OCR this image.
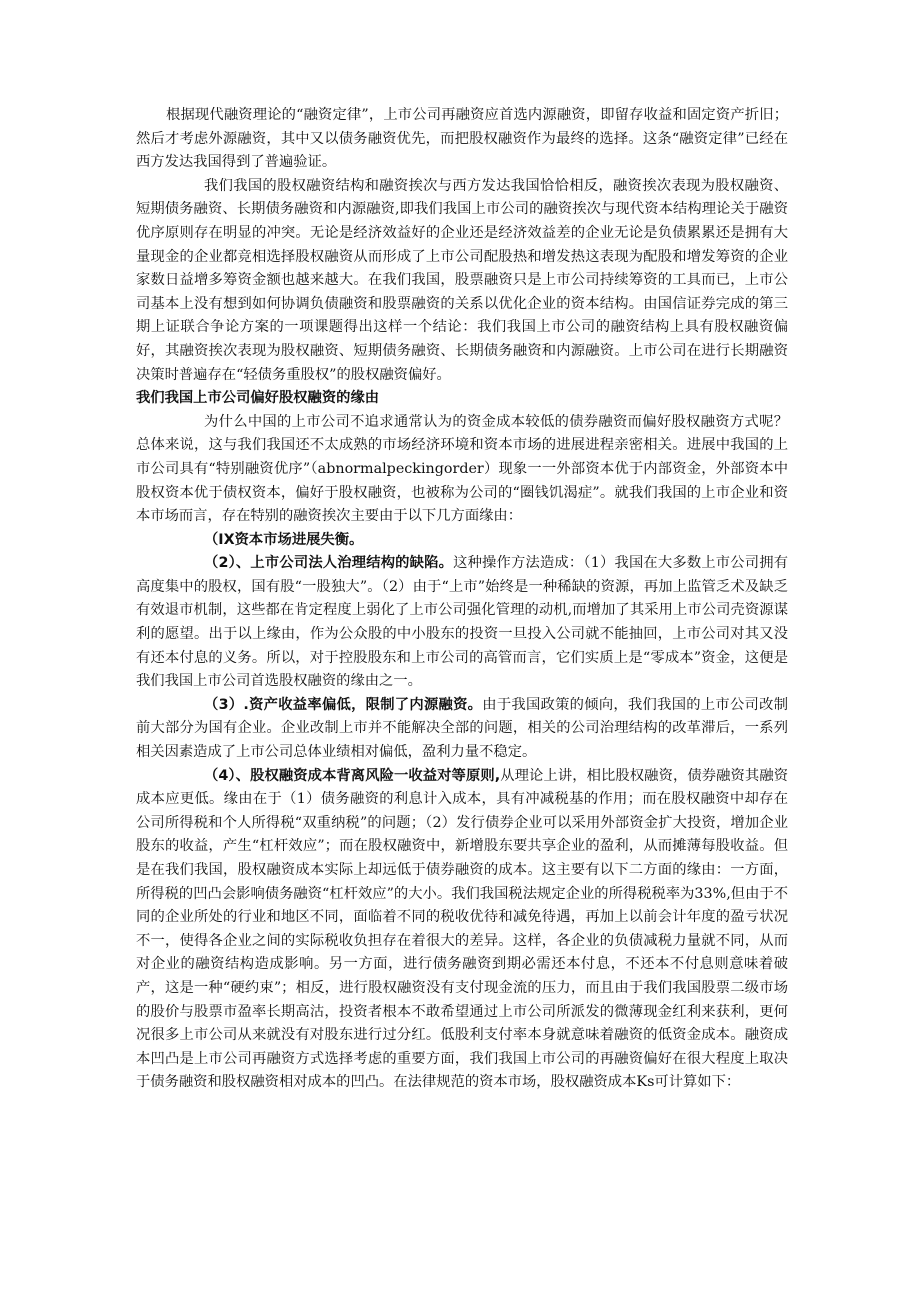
根据现代融资理论的“融资定律”，上市公司再融资应首选内源融资，即留存收益和固定资产折旧；然后才考虑外源融资，其中又以债务融资优先，而把股权融资作为最终的选择。这条“融资定律”已经在西方发达我国得到了普遍验证。

我们我国的股权融资结构和融资挨次与西方发达我国恰恰相反，融资挨次表现为股权融资、短期债务融资、长期债务融资和内源融资,即我们我国上市公司的融资挨次与现代资本结构理论关于融资优序原则存在明显的冲突。无论是经济效益好的企业还是经济效益差的企业无论是负债累累还是拥有大量现金的企业都竞相选择股权融资从而形成了上市公司配股热和增发热这表现为配股和增发筹资的企业家数日益增多筹资金额也越来越大。在我们我国，股票融资只是上市公司持续筹资的工具而已，上市公司基本上没有想到如何协调负债融资和股票融资的关系以优化企业的资本结构。由国信证券完成的第三期上证联合争论方案的一项课题得出这样一个结论：我们我国上市公司的融资结构上具有股权融资偏好，其融资挨次表现为股权融资、短期债务融资、长期债务融资和内源融资。上市公司在进行长期融资决策时普遍存在“轻债务重股权”的股权融资偏好。

我们我国上市公司偏好股权融资的缘由

为什么中国的上市公司不追求通常认为的资金成本较低的债券融资而偏好股权融资方式呢？总体来说，这与我们我国还不太成熟的市场经济环境和资本市场的进展进程亲密相关。进展中我国的上市公司具有“特别融资优序”（abnormalpeckingorder）现象一一外部资本优于内部资金，外部资本中股权资本优于债权资本，偏好于股权融资，也被称为公司的“圈钱饥渴症”。就我们我国的上市企业和资本市场而言，存在特别的融资挨次主要由于以下几方面缘由：

（IX资本市场进展失衡。

（2）、上市公司法人治理结构的缺陷。这种操作方法造成：（1）我国在大多数上市公司拥有高度集中的股权，国有股“一股独大”。（2）由于“上市”始终是一种稀缺的资源，再加上监管乏术及缺乏有效退市机制，这些都在肯定程度上弱化了上市公司强化管理的动机,而增加了其采用上市公司壳资源谋利的愿望。出于以上缘由，作为公众股的中小股东的投资一旦投入公司就不能抽回，上市公司对其又没有还本付息的义务。所以，对于控股股东和上市公司的高管而言，它们实质上是“零成本”资金，这便是我们我国上市公司首选股权融资的缘由之一。

（3）.资产收益率偏低，限制了内源融资。由于我国政策的倾向，我们我国的上市公司改制前大部分为国有企业。企业改制上市并不能解决全部的问题，相关的公司治理结构的改革滞后，一系列相关因素造成了上市公司总体业绩相对偏低，盈利力量不稳定。

（4）、股权融资成本背离风险一收益对等原则,从理论上讲，相比股权融资，债券融资其融资成本应更低。缘由在于（1）债务融资的利息计入成本，具有冲减税基的作用；而在股权融资中却存在公司所得税和个人所得税“双重纳税”的问题；（2）发行债券企业可以采用外部资金扩大投资，增加企业股东的收益，产生“杠杆效应”；而在股权融资中，新增股东要共享企业的盈利，从而摊薄每股收益。但是在我们我国，股权融资成本实际上却远低于债券融资的成本。这主要有以下二方面的缘由：一方面，所得税的凹凸会影响债务融资“杠杆效应”的大小。我们我国税法规定企业的所得税税率为33%,但由于不同的企业所处的行业和地区不同，面临着不同的税收优待和减免待遇，再加上以前会计年度的盈亏状况不一，使得各企业之间的实际税收负担存在着很大的差异。这样，各企业的负债减税力量就不同，从而对企业的融资结构造成影响。另一方面，进行债务融资到期必需还本付息，不还本不付息则意味着破产，这是一种“硬约束”；相反，进行股权融资没有支付现金流的压力，而且由于我们我国股票二级市场的股价与股票市盈率长期高沽，投资者根本不敢希望通过上市公司所派发的微薄现金红利来获利，更何况很多上市公司从来就没有对股东进行过分红。低股利支付率本身就意味着融资的低资金成本。融资成本凹凸是上市公司再融资方式选择考虑的重要方面，我们我国上市公司的再融资偏好在很大程度上取决于债务融资和股权融资相对成本的凹凸。在法律规范的资本市场，股权融资成本Ks可计算如下：
